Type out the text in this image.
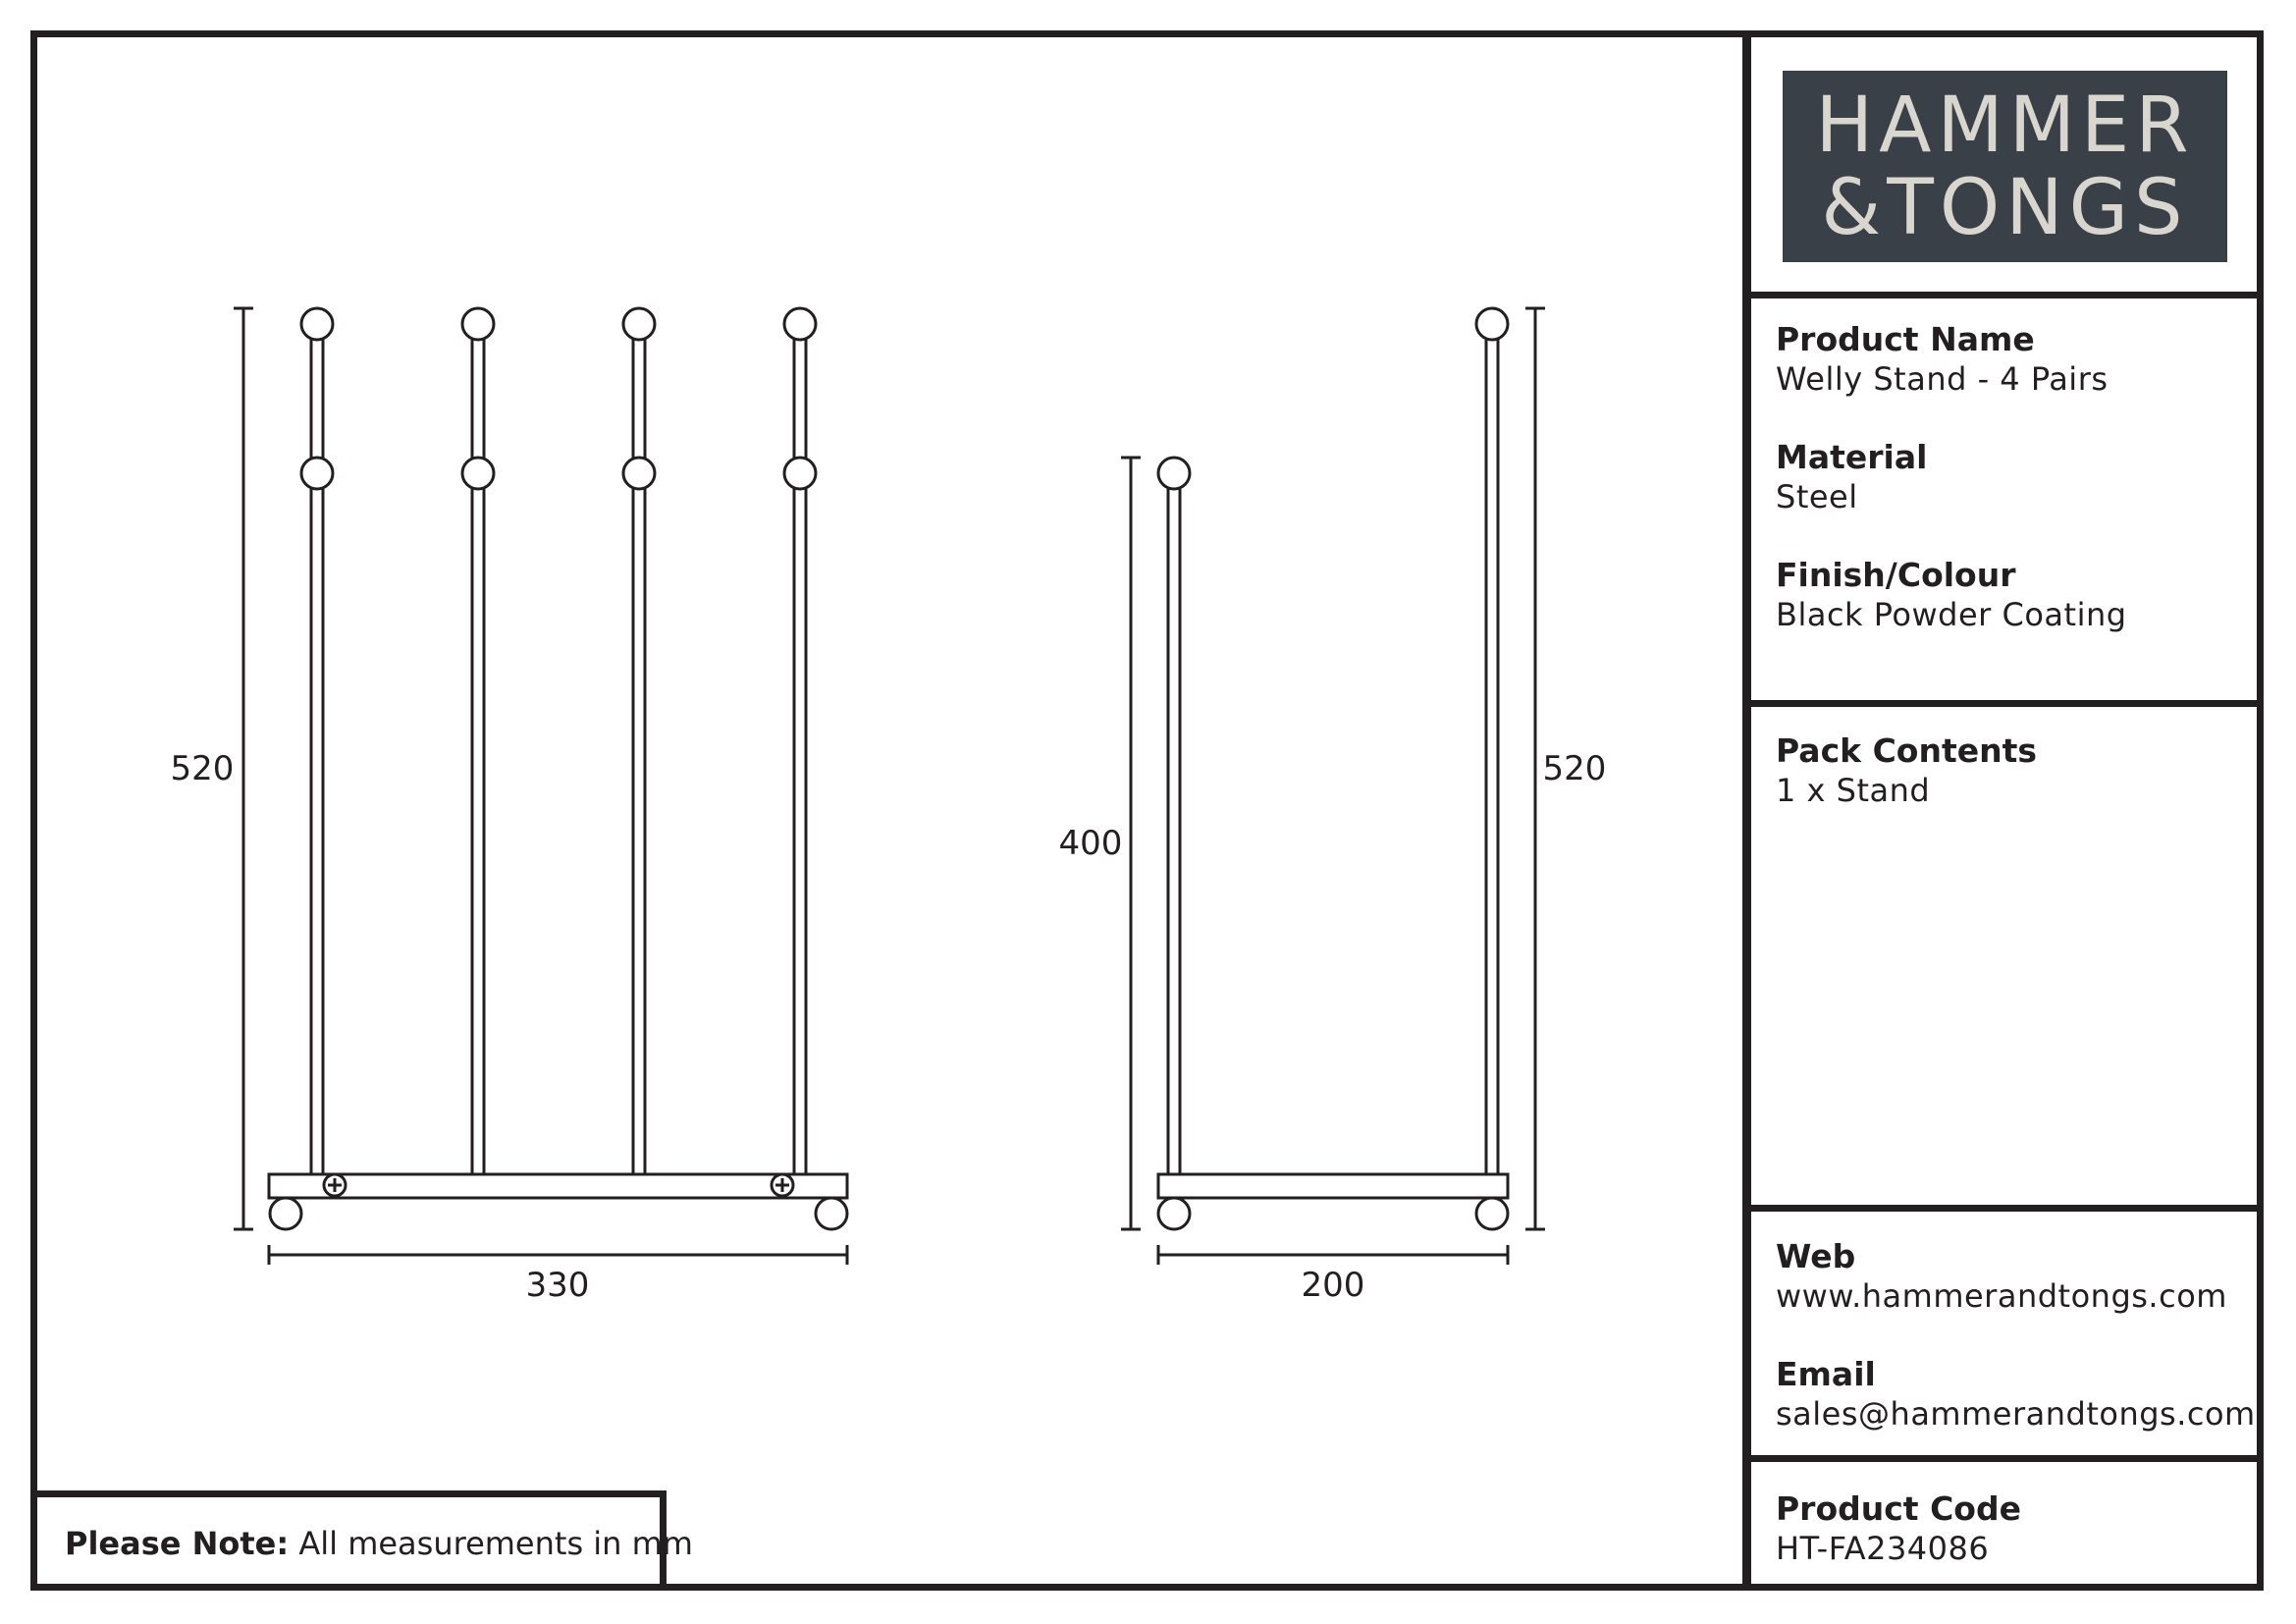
520
330
400
520
200
HAMMER
&TONGS
Product Name
Welly Stand - 4 Pairs
Material
Steel
Finish/Colour
Black Powder Coating
Pack Contents
1 x Stand
Web
www.hammerandtongs.com
Email
sales@hammerandtongs.com
Product Code
HT-FA234086
Please Note: All measurements in mm
